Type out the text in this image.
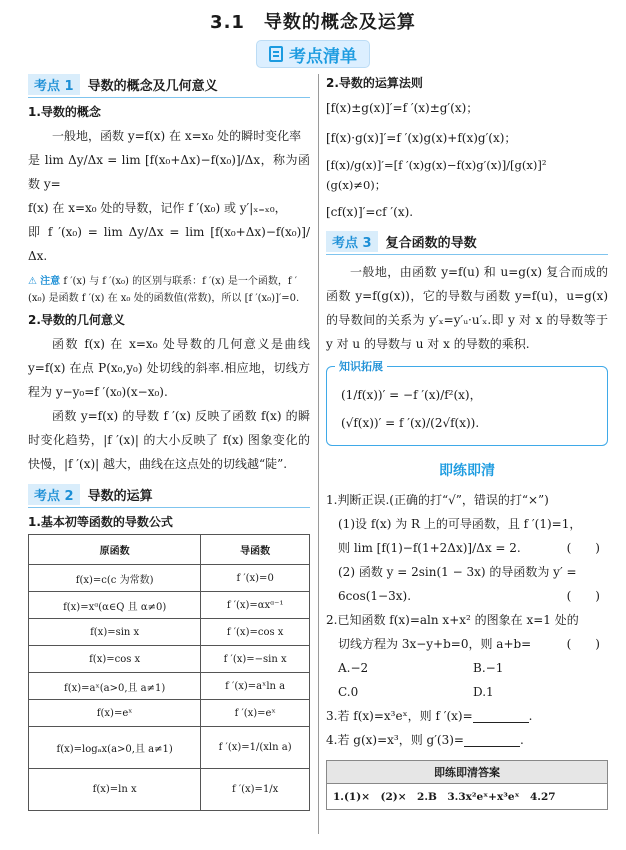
3.1　导数的概念及运算
考点清单
考点 1	导数的概念及几何意义
1.导数的概念

一般地，函数 y=f(x) 在 x=x₀ 处的瞬时变化率

是 lim Δy/Δx = lim [f(x₀+Δx)−f(x₀)]/Δx，称为函数 y=

f(x) 在 x=x₀ 处的导数，记作 f ′(x₀) 或 y′|ₓ₌ₓ₀，

即 f ′(x₀) = lim Δy/Δx = lim [f(x₀+Δx)−f(x₀)]/Δx.

⚠ 注意 f ′(x) 与 f ′(x₀) 的区别与联系：f ′(x) 是一个函数，f ′(x₀) 是函数 f ′(x) 在 x₀ 处的函数值(常数)，所以 [f ′(x₀)]′=0.
2.导数的几何意义

函数 f(x) 在 x=x₀ 处导数的几何意义是曲线 y=f(x) 在点 P(x₀,y₀) 处切线的斜率.相应地，切线方程为 y−y₀=f ′(x₀)(x−x₀).

函数 y=f(x) 的导数 f ′(x) 反映了函数 f(x) 的瞬时变化趋势，|f ′(x)| 的大小反映了 f(x) 图象变化的快慢，|f ′(x)| 越大，曲线在这点处的切线越“陡”.

考点 2	导数的运算
1.基本初等函数的导数公式
原函数	导函数
f(x)=c(c 为常数)	f ′(x)=0
f(x)=xᵅ(α∈Q 且 α≠0)	f ′(x)=αxᵅ⁻¹
f(x)=sin x	f ′(x)=cos x
f(x)=cos x	f ′(x)=−sin x
f(x)=aˣ(a>0,且 a≠1)	f ′(x)=aˣln a
f(x)=eˣ	f ′(x)=eˣ
f(x)=logₐx(a>0,且 a≠1)	f ′(x)=1/(xln a)
f(x)=ln x	f ′(x)=1/x
2.导数的运算法则
[f(x)±g(x)]′=f ′(x)±g′(x)；
[f(x)·g(x)]′=f ′(x)g(x)+f(x)g′(x)；
[f(x)/g(x)]′=[f ′(x)g(x)−f(x)g′(x)]/[g(x)]² (g(x)≠0)；
[cf(x)]′=cf ′(x).
考点 3	复合函数的导数

一般地，由函数 y=f(u) 和 u=g(x) 复合而成的函数 y=f(g(x))，它的导数与函数 y=f(u)，u=g(x) 的导数间的关系为 y′ₓ=y′ᵤ·u′ₓ.即 y 对 x 的导数等于 y 对 u 的导数与 u 对 x 的导数的乘积.

知识拓展
(1/f(x))′ = −f ′(x)/f²(x)，
(√f(x))′ = f ′(x)/(2√f(x)).
即练即清
1.判断正误.(正确的打“√”，错误的打“×”)
(1)设 f(x) 为 R 上的可导函数，且 f ′(1)=1，
则 lim [f(1)−f(1+2Δx)]/Δx = 2.	(　　)
(2) 函数 y = 2sin(1 − 3x) 的导函数为 y′ =
6cos(1−3x).	(　　)
2.已知函数 f(x)=aln x+x² 的图象在 x=1 处的
切线方程为 3x−y+b=0，则 a+b=	(　　)
A.−2	B.−1
C.0	D.1
3.若 f(x)=x³eˣ，则 f ′(x)=	.
4.若 g(x)=x³，则 g′(3)=	.
即练即清答案
1.(1)×　(2)×　2.B　3.3x²eˣ+x³eˣ　4.27
